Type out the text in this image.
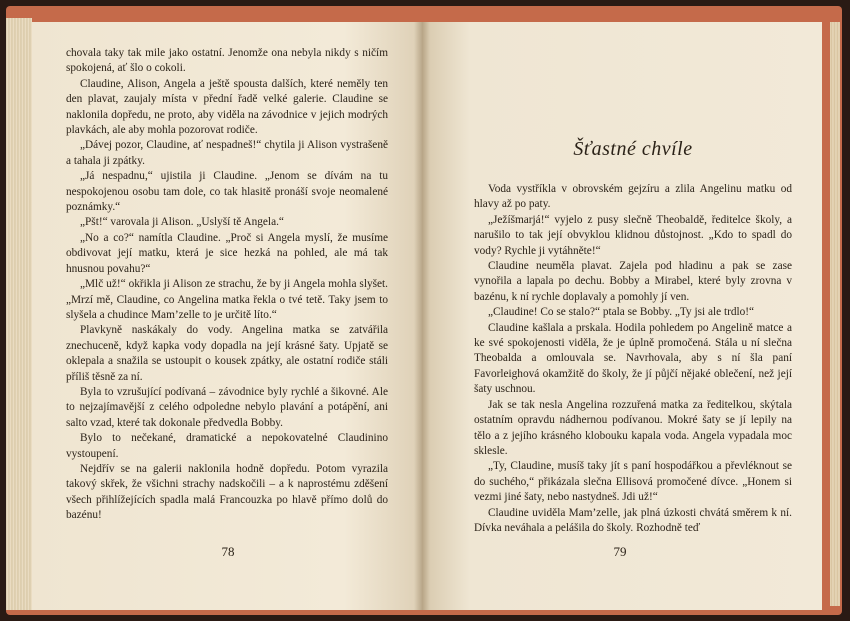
chovala taky tak mile jako ostatní. Jenomže ona nebyla nikdy s ničím spokojená, ať šlo o cokoli.

Claudine, Alison, Angela a ještě spousta dalších, které neměly ten den plavat, zaujaly místa v přední řadě velké galerie. Claudine se naklonila dopředu, ne proto, aby viděla na závodnice v jejich modrých plavkách, ale aby mohla pozorovat rodiče.

„Dávej pozor, Claudine, ať nespadneš!“ chytila ji Alison vystrašeně a tahala ji zpátky.

„Já nespadnu,“ ujistila ji Claudine. „Jenom se dívám na tu nespokojenou osobu tam dole, co tak hlasitě pronáší svoje neomalené poznámky.“

„Pšt!“ varovala ji Alison. „Uslyší tě Angela.“

„No a co?“ namítla Claudine. „Proč si Angela myslí, že musíme obdivovat její matku, která je sice hezká na pohled, ale má tak hnusnou povahu?“

„Mlč už!“ okřikla ji Alison ze strachu, že by ji Angela mohla slyšet. „Mrzí mě, Claudine, co Angelina matka řekla o tvé tetě. Taky jsem to slyšela a chudince Mam’zelle to je určitě líto.“

Plavkyně naskákaly do vody. Angelina matka se zatvářila znechuceně, když kapka vody dopadla na její krásné šaty. Upjatě se oklepala a snažila se ustoupit o kousek zpátky, ale ostatní rodiče stáli příliš těsně za ní.

Byla to vzrušující podívaná – závodnice byly rychlé a šikovné. Ale to nejzajímavější z celého odpoledne nebylo plavání a potápění, ani salto vzad, které tak dokonale předvedla Bobby.

Bylo to nečekané, dramatické a nepokovatelné Claudinino vystoupení.

Nejdřív se na galerii naklonila hodně dopředu. Potom vyrazila takový skřek, že všichni strachy nadskočili – a k naprostému zděšení všech přihlížejících spadla malá Francouzka po hlavě přímo dolů do bazénu!

78
Šťastné chvíle

Voda vystříkla v obrovském gejzíru a zlila Angelinu matku od hlavy až po paty.

„Ježíšmarjá!“ vyjelo z pusy slečně Theobaldě, ředitelce školy, a narušilo to tak její obvyklou klidnou důstojnost. „Kdo to spadl do vody? Rychle ji vytáhněte!“

Claudine neuměla plavat. Zajela pod hladinu a pak se zase vynořila a lapala po dechu. Bobby a Mirabel, které byly zrovna v bazénu, k ní rychle doplavaly a pomohly jí ven.

„Claudine! Co se stalo?“ ptala se Bobby. „Ty jsi ale trdlo!“

Claudine kašlala a prskala. Hodila pohledem po Angelině matce a ke své spokojenosti viděla, že je úplně promočená. Stála u ní slečna Theobalda a omlouvala se. Navrhovala, aby s ní šla paní Favorleighová okamžitě do školy, že jí půjčí nějaké oblečení, než její šaty uschnou.

Jak se tak nesla Angelina rozzuřená matka za ředitelkou, skýtala ostatním opravdu nádhernou podívanou. Mokré šaty se jí lepily na tělo a z jejího krásného klobouku kapala voda. Angela vypadala moc sklesle.

„Ty, Claudine, musíš taky jít s paní hospodářkou a převléknout se do suchého,“ přikázala slečna Ellisová promočené dívce. „Honem si vezmi jiné šaty, nebo nastydneš. Jdi už!“

Claudine uviděla Mam’zelle, jak plná úzkosti chvátá směrem k ní. Dívka neváhala a pelášila do školy. Rozhodně teď

79
